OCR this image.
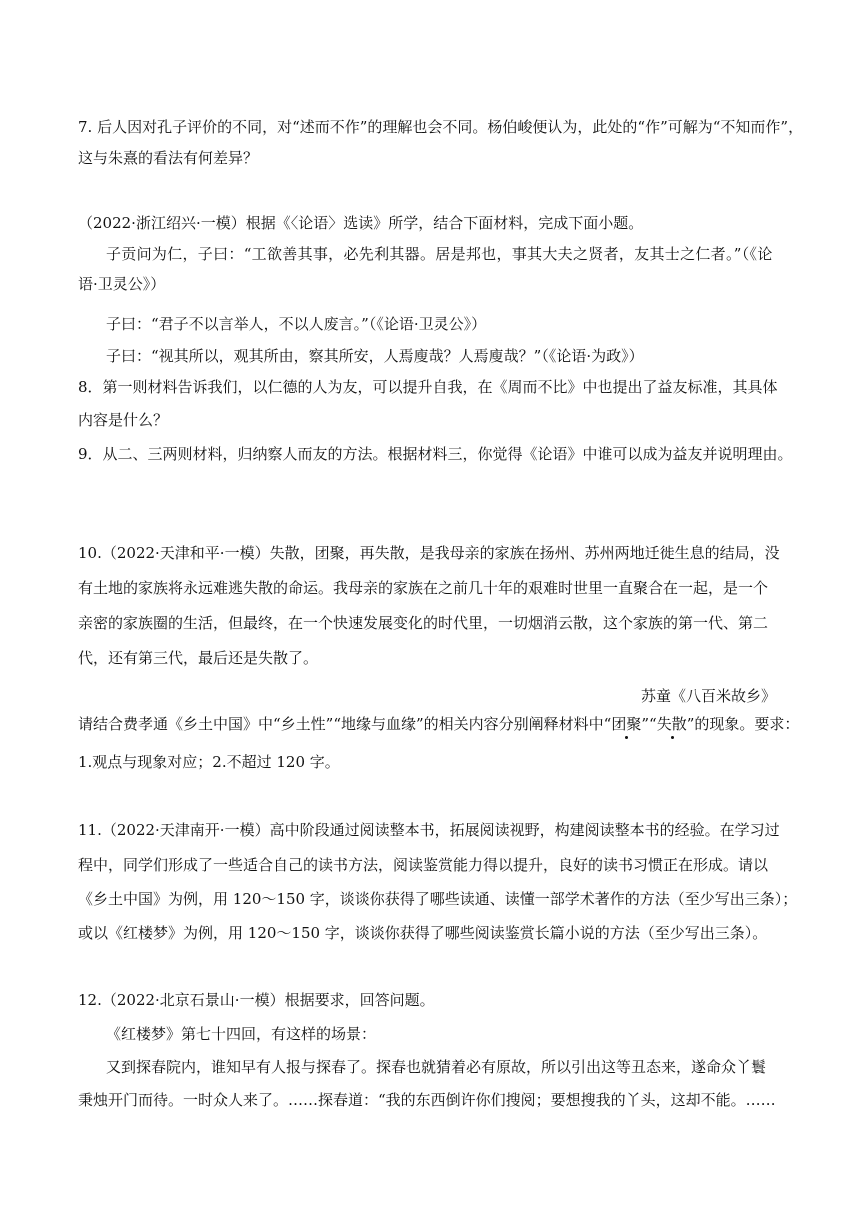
7. 后人因对孔子评价的不同，对“述而不作”的理解也会不同。杨伯峻便认为，此处的“作”可解为“不知而作”，
这与朱熹的看法有何差异？
（2022·浙江绍兴·一模）根据《〈论语〉选读》所学，结合下面材料，完成下面小题。
子贡问为仁，子曰：“工欲善其事，必先利其器。居是邦也，事其大夫之贤者，友其士之仁者。”（《论
语·卫灵公》）
子曰：“君子不以言举人，不以人废言。”（《论语·卫灵公》）
子曰：“视其所以，观其所由，察其所安，人焉廋哉？人焉廋哉？”（《论语·为政》）
8．第一则材料告诉我们，以仁德的人为友，可以提升自我，在《周而不比》中也提出了益友标准，其具体
内容是什么？
9．从二、三两则材料，归纳察人而友的方法。根据材料三，你觉得《论语》中谁可以成为益友并说明理由。
10.（2022·天津和平·一模）失散，团聚，再失散，是我母亲的家族在扬州、苏州两地迁徙生息的结局，没
有土地的家族将永远难逃失散的命运。我母亲的家族在之前几十年的艰难时世里一直聚合在一起，是一个
亲密的家族圈的生活，但最终，在一个快速发展变化的时代里，一切烟消云散，这个家族的第一代、第二
代，还有第三代，最后还是失散了。
苏童《八百米故乡》
请结合费孝通《乡土中国》中“乡土性”“地缘与血缘”的相关内容分别阐释材料中“团聚”“失散”的现象。要求：
1.观点与现象对应；2.不超过 120 字。
11.（2022·天津南开·一模）高中阶段通过阅读整本书，拓展阅读视野，构建阅读整本书的经验。在学习过
程中，同学们形成了一些适合自己的读书方法，阅读鉴赏能力得以提升，良好的读书习惯正在形成。请以
《乡土中国》为例，用 120～150 字，谈谈你获得了哪些读通、读懂一部学术著作的方法（至少写出三条）；
或以《红楼梦》为例，用 120～150 字，谈谈你获得了哪些阅读鉴赏长篇小说的方法（至少写出三条）。
12.（2022·北京石景山·一模）根据要求，回答问题。
《红楼梦》第七十四回，有这样的场景：
又到探春院内，谁知早有人报与探春了。探春也就猜着必有原故，所以引出这等丑态来，遂命众丫鬟
秉烛开门而待。一时众人来了。……探春道：“我的东西倒许你们搜阅；要想搜我的丫头，这却不能。……
